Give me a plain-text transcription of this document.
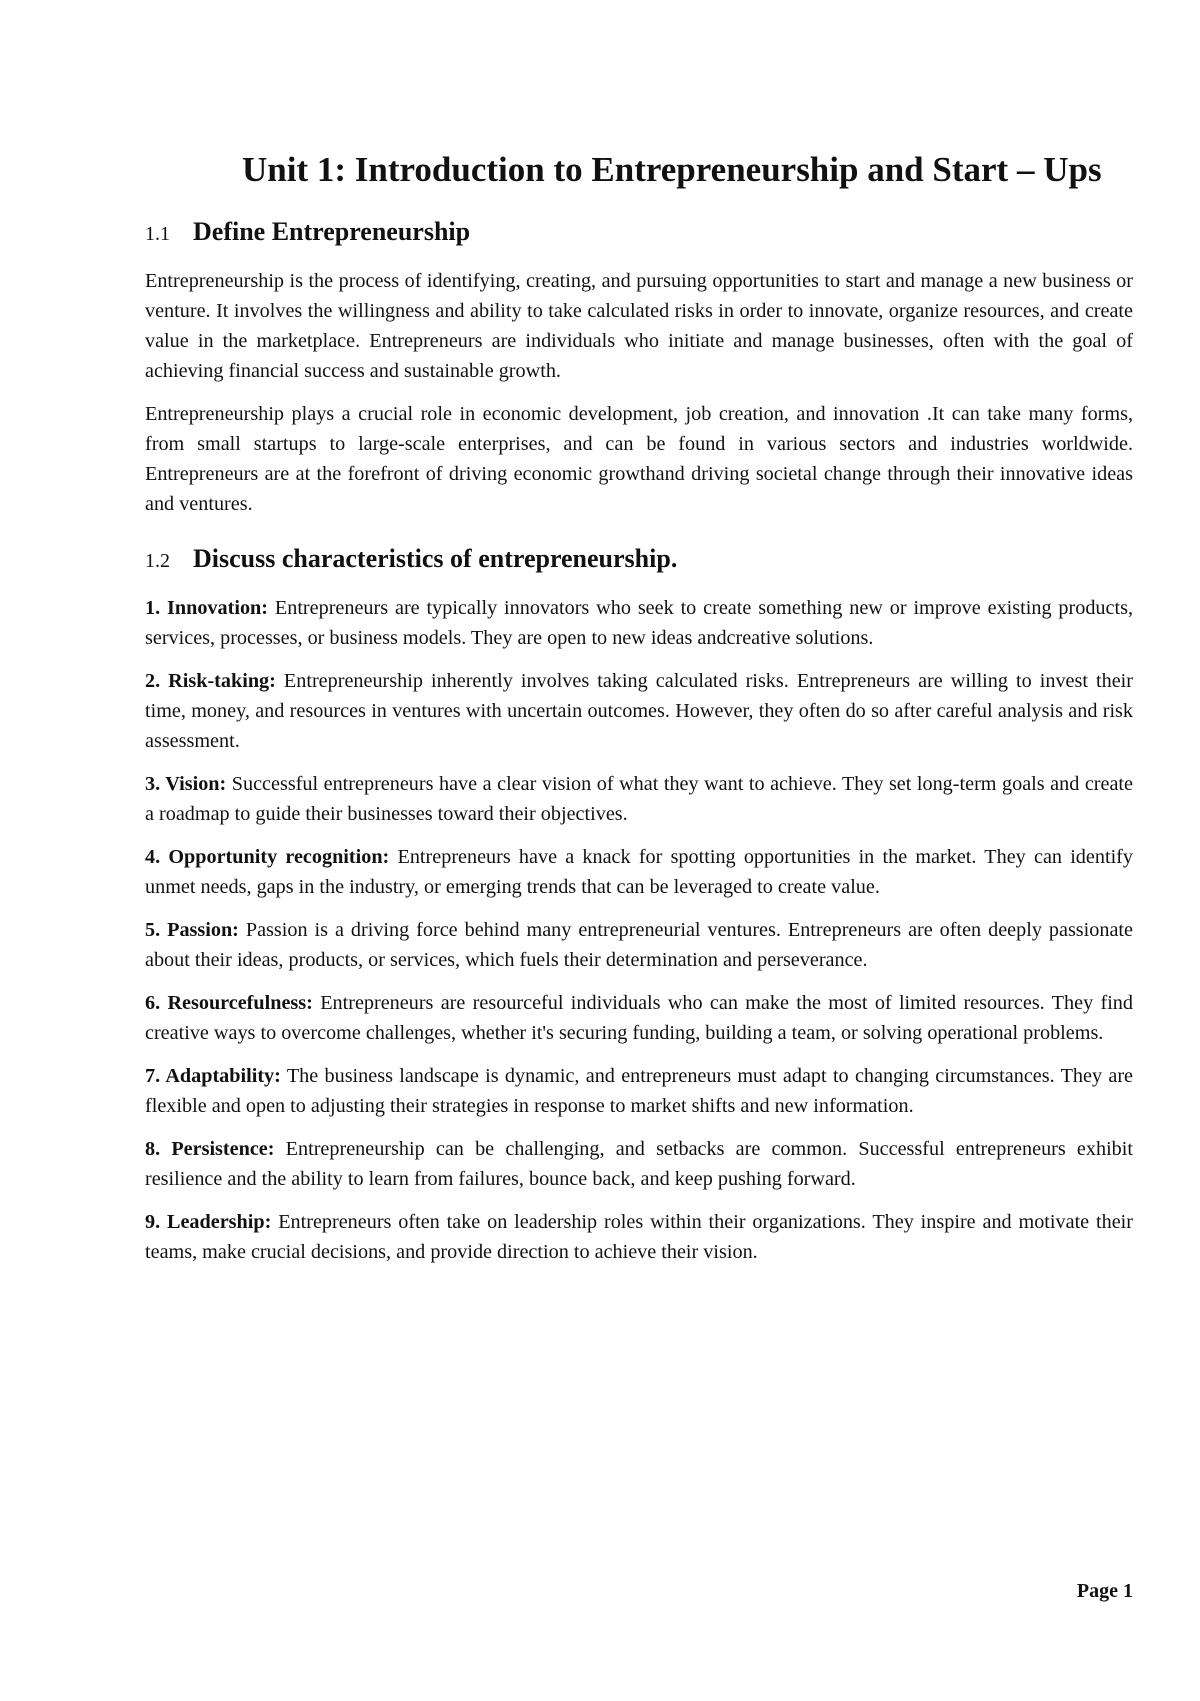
Unit 1: Introduction to Entrepreneurship and Start – Ups
1.1 Define Entrepreneurship

Entrepreneurship is the process of identifying, creating, and pursuing opportunities to start and manage a new business or venture. It involves the willingness and ability to take calculated risks in order to innovate, organize resources, and create value in the marketplace. Entrepreneurs are individuals who initiate and manage businesses, often with the goal of achieving financial success and sustainable growth.

Entrepreneurship plays a crucial role in economic development, job creation, and innovation .It can take many forms, from small startups to large-scale enterprises, and can be found in various sectors and industries worldwide. Entrepreneurs are at the forefront of driving economic growthand driving societal change through their innovative ideas and ventures.

1.2 Discuss characteristics of entrepreneurship.

1. Innovation: Entrepreneurs are typically innovators who seek to create something new or improve existing products, services, processes, or business models. They are open to new ideas andcreative solutions.

2. Risk-taking: Entrepreneurship inherently involves taking calculated risks. Entrepreneurs are willing to invest their time, money, and resources in ventures with uncertain outcomes. However, they often do so after careful analysis and risk assessment.

3. Vision: Successful entrepreneurs have a clear vision of what they want to achieve. They set long-term goals and create a roadmap to guide their businesses toward their objectives.

4. Opportunity recognition: Entrepreneurs have a knack for spotting opportunities in the market. They can identify unmet needs, gaps in the industry, or emerging trends that can be leveraged to create value.

5. Passion: Passion is a driving force behind many entrepreneurial ventures. Entrepreneurs are often deeply passionate about their ideas, products, or services, which fuels their determination and perseverance.

6. Resourcefulness: Entrepreneurs are resourceful individuals who can make the most of limited resources. They find creative ways to overcome challenges, whether it's securing funding, building a team, or solving operational problems.

7. Adaptability: The business landscape is dynamic, and entrepreneurs must adapt to changing circumstances. They are flexible and open to adjusting their strategies in response to market shifts and new information.

8. Persistence: Entrepreneurship can be challenging, and setbacks are common. Successful entrepreneurs exhibit resilience and the ability to learn from failures, bounce back, and keep pushing forward.

9. Leadership: Entrepreneurs often take on leadership roles within their organizations. They inspire and motivate their teams, make crucial decisions, and provide direction to achieve their vision.

Page 1
